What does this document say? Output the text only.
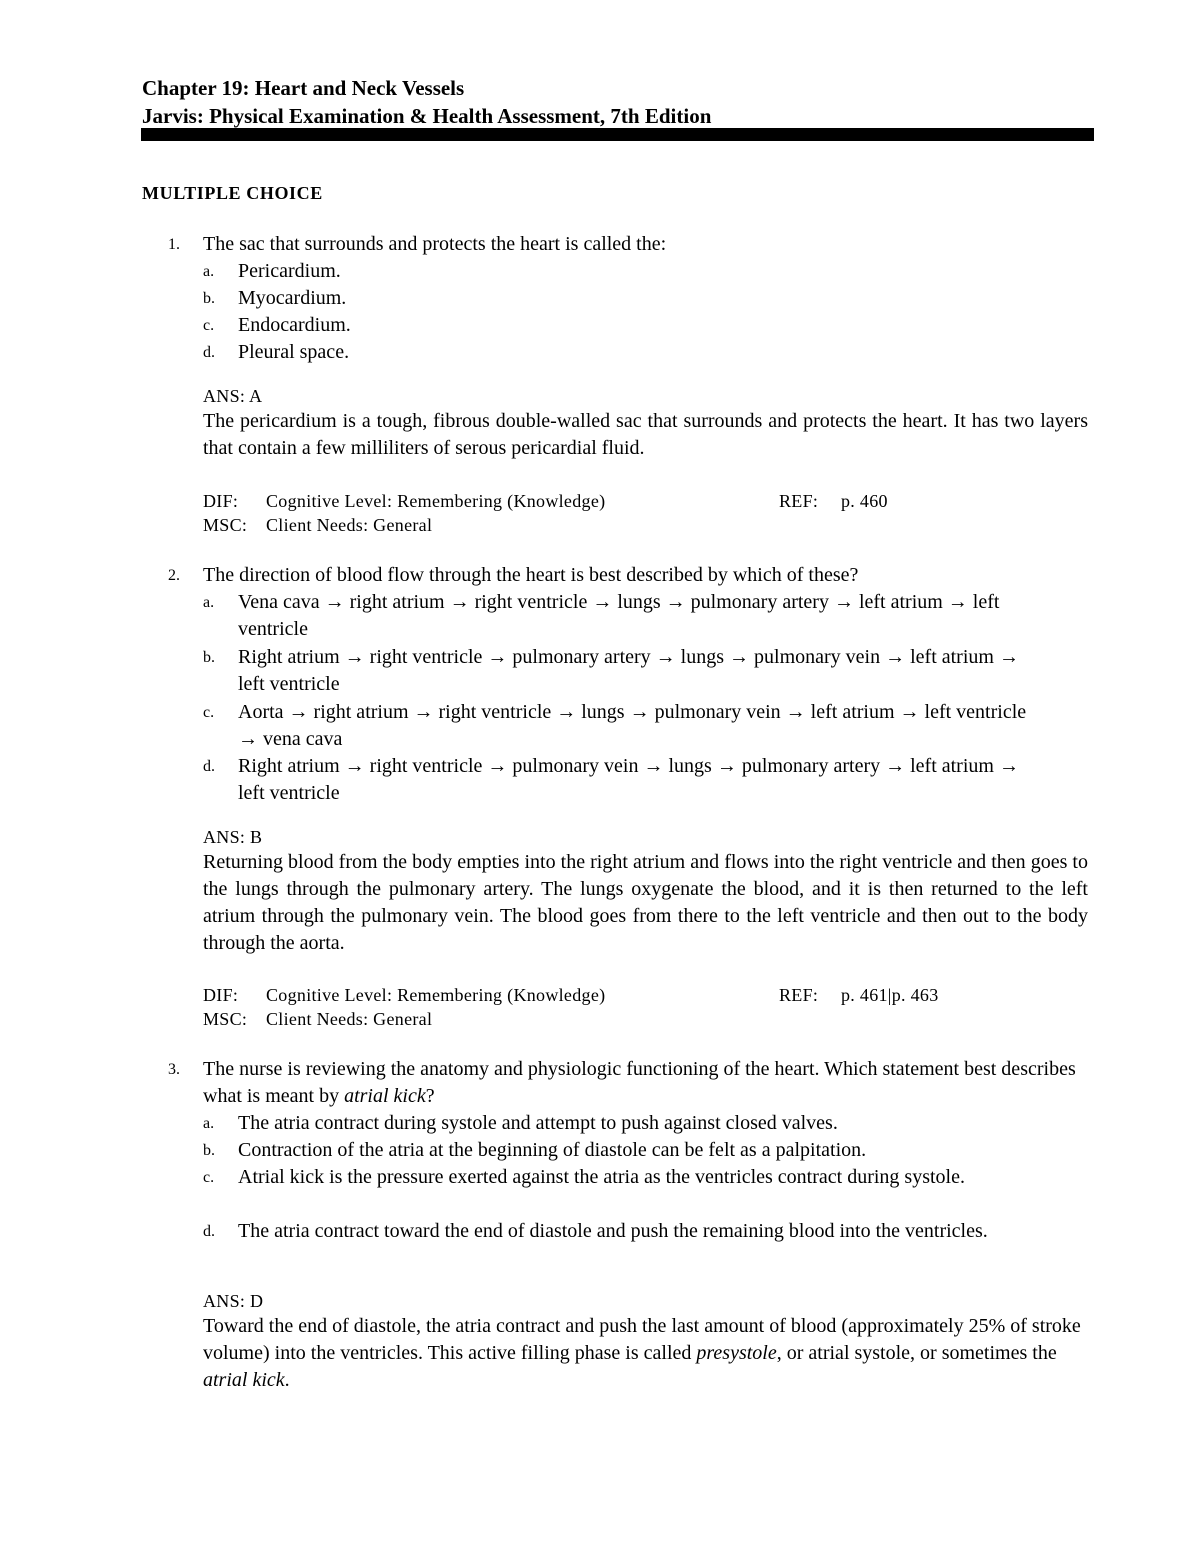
Chapter 19: Heart and Neck Vessels
Jarvis: Physical Examination & Health Assessment, 7th Edition
MULTIPLE CHOICE
1. The sac that surrounds and protects the heart is called the:
a. Pericardium.
b. Myocardium.
c. Endocardium.
d. Pleural space.
ANS: A
The pericardium is a tough, fibrous double-walled sac that surrounds and protects the heart. It has two layers that contain a few milliliters of serous pericardial fluid.
DIF: Cognitive Level: Remembering (Knowledge)	REF: p. 460
MSC: Client Needs: General
2. The direction of blood flow through the heart is best described by which of these?
a. Vena cava → right atrium → right ventricle → lungs → pulmonary artery → left atrium → left ventricle
b. Right atrium → right ventricle → pulmonary artery → lungs → pulmonary vein → left atrium → left ventricle
c. Aorta → right atrium → right ventricle → lungs → pulmonary vein → left atrium → left ventricle → vena cava
d. Right atrium → right ventricle → pulmonary vein → lungs → pulmonary artery → left atrium → left ventricle
ANS: B
Returning blood from the body empties into the right atrium and flows into the right ventricle and then goes to the lungs through the pulmonary artery. The lungs oxygenate the blood, and it is then returned to the left atrium through the pulmonary vein. The blood goes from there to the left ventricle and then out to the body through the aorta.
DIF: Cognitive Level: Remembering (Knowledge)	REF: p. 461|p. 463
MSC: Client Needs: General
3. The nurse is reviewing the anatomy and physiologic functioning of the heart. Which statement best describes what is meant by atrial kick?
a. The atria contract during systole and attempt to push against closed valves.
b. Contraction of the atria at the beginning of diastole can be felt as a palpitation.
c. Atrial kick is the pressure exerted against the atria as the ventricles contract during systole.
d. The atria contract toward the end of diastole and push the remaining blood into the ventricles.
ANS: D
Toward the end of diastole, the atria contract and push the last amount of blood (approximately 25% of stroke volume) into the ventricles. This active filling phase is called presystole, or atrial systole, or sometimes the atrial kick.
